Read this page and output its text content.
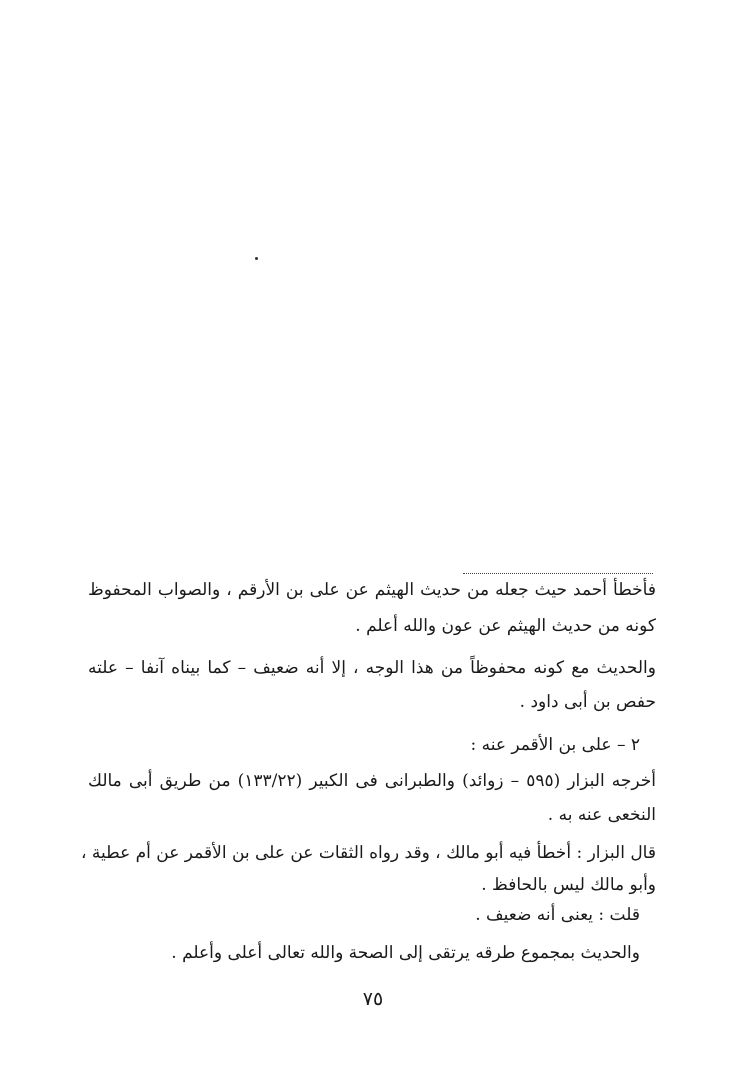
فأخطأ أحمد حيث جعله من حديث الهيثم عن على بن الأرقم ، والصواب المحفوظ
كونه من حديث الهيثم عن عون والله أعلم .
والحديث مع كونه محفوظاً من هذا الوجه ، إلا أنه ضعيف – كما بيناه آنفا – علته
حفص بن أبى داود .
٢ – على بن الأقمر عنه :
أخرجه البزار (٥٩٥ – زوائد) والطبرانى فى الكبير (١٣٣/٢٢) من طريق أبى مالك
النخعى عنه به .
قال البزار : أخطأ فيه أبو مالك ، وقد رواه الثقات عن على بن الأقمر عن أم عطية ،
وأبو مالك ليس بالحافظ .
قلت : يعنى أنه ضعيف .
والحديث بمجموع طرقه يرتقى إلى الصحة والله تعالى أعلى وأعلم .
٧٥
